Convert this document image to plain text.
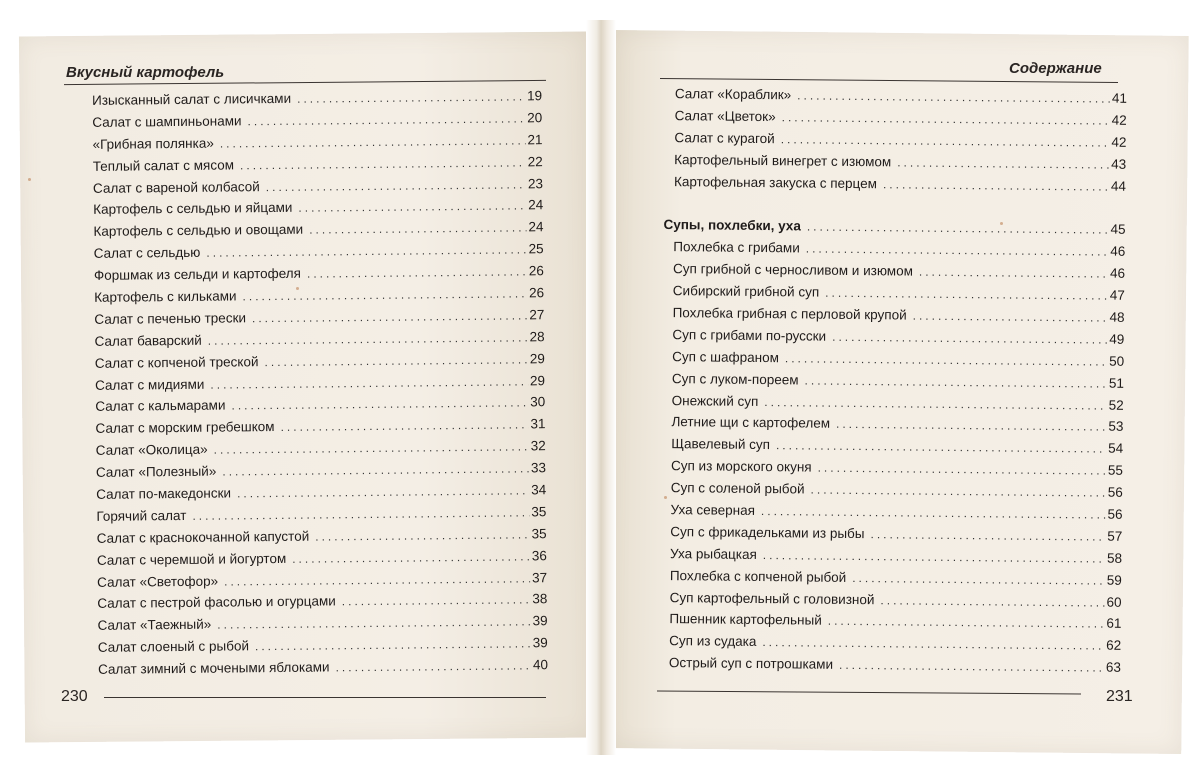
Вкусный картофель	Содержание
Изысканный салат с лисичками .....	19
Салат с шампиньонами .....	20
«Грибная полянка» .....	21
Теплый салат с мясом .....	22
Салат с вареной колбасой .....	23
Картофель с сельдью и яйцами .....	24
Картофель с сельдью и овощами .....	24
Салат с сельдью .....	25
Форшмак из сельди и картофеля .....	26
Картофель с кильками .....	26
Салат с печенью трески .....	27
Салат баварский .....	28
Салат с копченой треской .....	29
Салат с мидиями .....	29
Салат с кальмарами .....	30
Салат с морским гребешком .....	31
Салат «Околица» .....	32
Салат «Полезный» .....	33
Салат по-македонски .....	34
Горячий салат .....	35
Салат с краснокочанной капустой .....	35
Салат с черемшой и йогуртом .....	36
Салат «Светофор» .....	37
Салат с пестрой фасолью и огурцами .....	38
Салат «Таежный» .....	39
Салат слоеный с рыбой .....	39
Салат зимний с мочеными яблоками .....	40
Салат «Кораблик» .....	41
Салат «Цветок» .....	42
Салат с курагой .....	42
Картофельный винегрет с изюмом .....	43
Картофельная закуска с перцем .....	44
Супы, похлебки, уха .....	45
Похлебка с грибами .....	46
Суп грибной с черносливом и изюмом .....	46
Сибирский грибной суп .....	47
Похлебка грибная с перловой крупой .....	48
Суп с грибами по-русски .....	49
Суп с шафраном .....	50
Суп с луком-пореем .....	51
Онежский суп .....	52
Летние щи с картофелем .....	53
Щавелевый суп .....	54
Суп из морского окуня .....	55
Суп с соленой рыбой .....	56
Уха северная .....	56
Суп с фрикадельками из рыбы .....	57
Уха рыбацкая .....	58
Похлебка с копченой рыбой .....	59
Суп картофельный с головизной .....	60
Пшенник картофельный .....	61
Суп из судака .....	62
Острый суп с потрошками .....	63
230	231
